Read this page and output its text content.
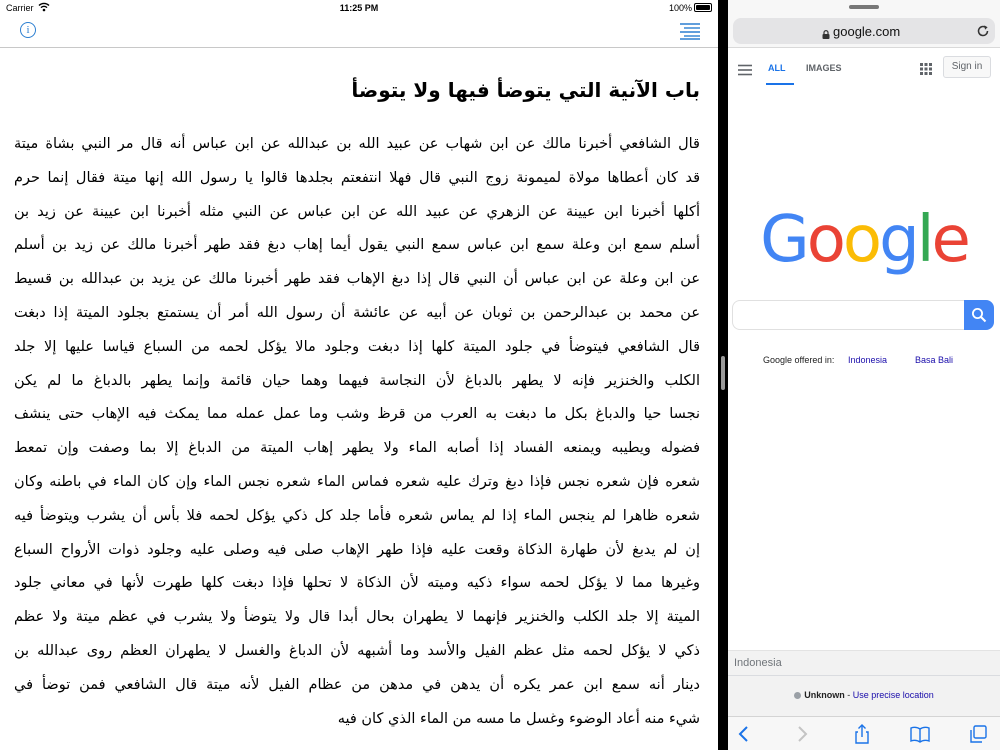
Carrier	11:25 PM	100%
i
باب الآنية التي يتوضأ فيها ولا يتوضأ
قال الشافعي أخبرنا مالك عن ابن شهاب عن عبيد الله بن عبدالله عن ابن عباس أنه قال مر النبي بشاة ميتة
قد كان أعطاها مولاة لميمونة زوج النبي قال فهلا انتفعتم بجلدها قالوا يا رسول الله إنها ميتة فقال إنما حرم
أكلها أخبرنا ابن عيينة عن الزهري عن عبيد الله عن ابن عباس عن النبي مثله أخبرنا ابن عيينة عن زيد بن
أسلم سمع ابن وعلة سمع ابن عباس سمع النبي يقول أيما إهاب دبغ فقد طهر أخبرنا مالك عن زيد بن أسلم
عن ابن وعلة عن ابن عباس أن النبي قال إذا دبغ الإهاب فقد طهر أخبرنا مالك عن يزيد بن عبدالله بن قسيط
عن محمد بن عبدالرحمن بن ثوبان عن أبيه عن عائشة أن رسول الله أمر أن يستمتع بجلود الميتة إذا دبغت
قال الشافعي فيتوضأ في جلود الميتة كلها إذا دبغت وجلود مالا يؤكل لحمه من السباع قياسا عليها إلا جلد
الكلب والخنزير فإنه لا يطهر بالدباغ لأن النجاسة فيهما وهما حيان قائمة وإنما يطهر بالدباغ ما لم يكن
نجسا حيا والدباغ بكل ما دبغت به العرب من قرظ وشب وما عمل عمله مما يمكث فيه الإهاب حتى ينشف
فضوله ويطيبه ويمنعه الفساد إذا أصابه الماء ولا يطهر إهاب الميتة من الدباغ إلا بما وصفت وإن تمعط
شعره فإن شعره نجس فإذا دبغ وترك عليه شعره فماس الماء شعره نجس الماء وإن كان الماء في باطنه وكان
شعره ظاهرا لم ينجس الماء إذا لم يماس شعره فأما جلد كل ذكي يؤكل لحمه فلا بأس أن يشرب ويتوضأ فيه
إن لم يدبغ لأن طهارة الذكاة وقعت عليه فإذا طهر الإهاب صلى فيه وصلى عليه وجلود ذوات الأرواح السباع
وغيرها مما لا يؤكل لحمه سواء ذكيه وميته لأن الذكاة لا تحلها فإذا دبغت كلها طهرت لأنها في معاني جلود
الميتة إلا جلد الكلب والخنزير فإنهما لا يطهران بحال أبدا قال ولا يتوضأ ولا يشرب في عظم ميتة ولا عظم
ذكي لا يؤكل لحمه مثل عظم الفيل والأسد وما أشبهه لأن الدباغ والغسل لا يطهران العظم روى عبدالله بن
دينار أنه سمع ابن عمر يكره أن يدهن في مدهن من عظام الفيل لأنه ميتة قال الشافعي فمن توضأ في
شيء منه أعاد الوضوء وغسل ما مسه من الماء الذي كان فيه
google.com
ALL IMAGES	Sign in
Google
Google offered in: Indonesia	Basa Bali
Indonesia
Unknown - Use precise location
